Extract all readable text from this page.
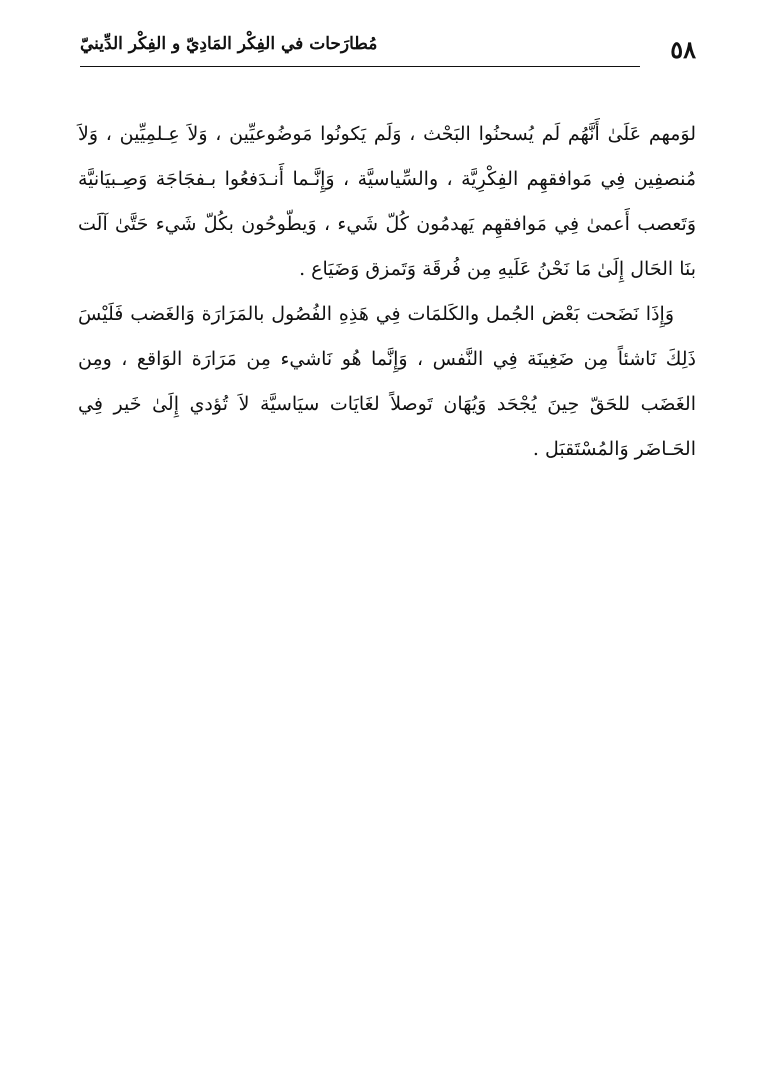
٥٨
مُطارَحات في الفِكْر المَادِيّ و الفِكْر الدِّينيّ

لوَمهم عَلَىٰ أَنَّهُم لَم يُسحنُوا البَحْث ، وَلَم يَكونُوا مَوضُوعيِّين ، وَلاَ عِـلمِيِّين ، وَلاَ مُنصفِين فِي مَوافقهِم الفِكْرِيَّة ، والسِّياسيَّة ، وَإِنَّـما أَنـدَفعُوا بـفجَاجَة وَصِـبيَانيَّة وَتَعصب أَعمىٰ فِي مَوافقهِم يَهدمُون كُلّ شَيء ، وَيطّوحُون بكُلّ شَيء حَتَّىٰ آلَت بنَا الحَال إِلَىٰ مَا نَحْنُ عَلَيهِ مِن فُرقَة وَتَمزق وَضَيَاع .

وَإِذَا نَضَحت بَعْض الجُمل والكَلمَات فِي هَذِهِ الفُصُول بالمَرَارَة وَالغَضب فَلَيْسَ ذَلِكَ نَاشئاً مِن ضَغِينَة فِي النَّفس ، وَإِنَّما هُو نَاشيء مِن مَرَارَة الوَاقع ، ومِن الغَضَب للحَقّ حِينَ يُجْحَد وَيُهَان تَوصلاً لغَايَات سيَاسيَّة لاَ تُؤدي إِلَىٰ خَير فِي الحَـاضَر وَالمُسْتَقبَل .
